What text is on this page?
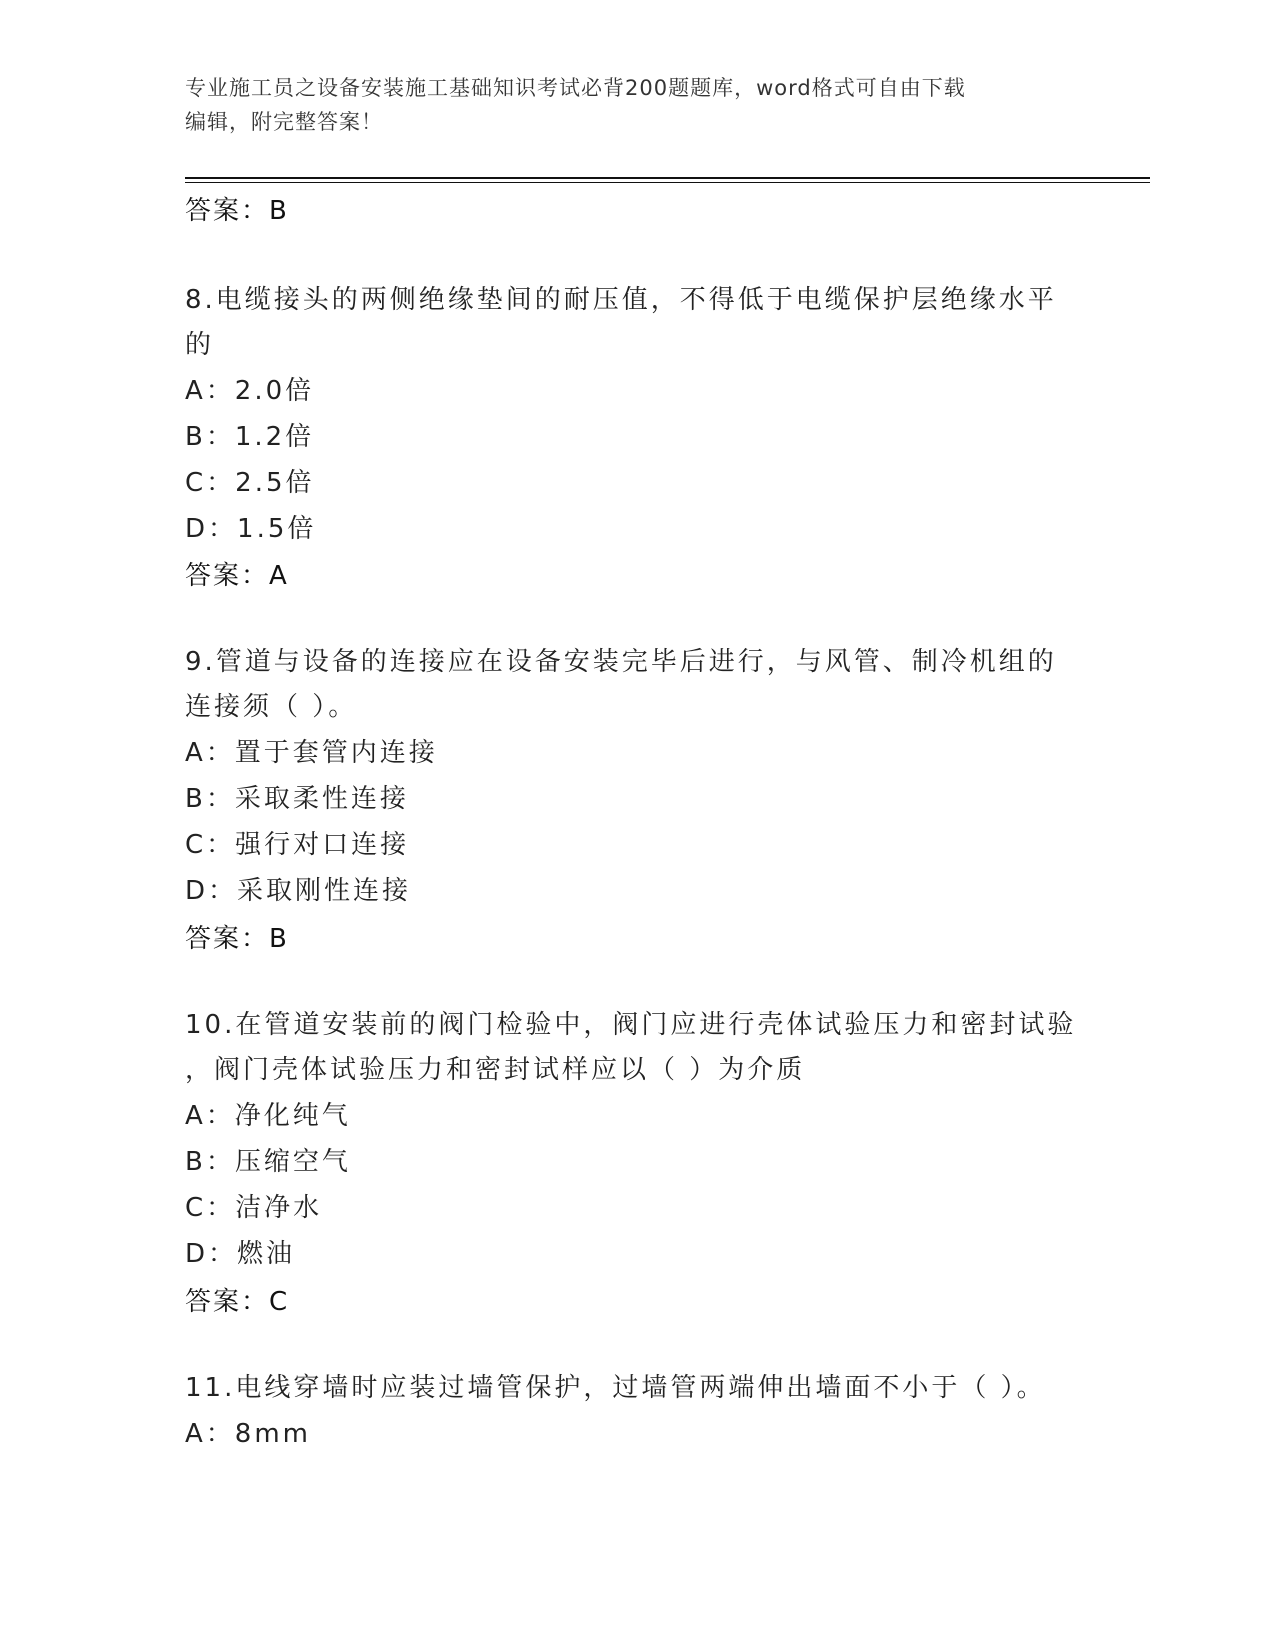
专业施工员之设备安装施工基础知识考试必背200题题库，word格式可自由下载
编辑，附完整答案！
答案：B

8.电缆接头的两侧绝缘垫间的耐压值，不得低于电缆保护层绝缘水平

的

A：2.0倍

B：1.2倍

C：2.5倍

D：1.5倍

答案：A

9.管道与设备的连接应在设备安装完毕后进行，与风管、制冷机组的

连接须（ ）。

A：置于套管内连接

B：采取柔性连接

C：强行对口连接

D：采取刚性连接

答案：B

10.在管道安装前的阀门检验中，阀门应进行壳体试验压力和密封试验

，阀门壳体试验压力和密封试样应以（ ）为介质

A：净化纯气

B：压缩空气

C：洁净水

D：燃油

答案：C

11.电线穿墙时应装过墙管保护，过墙管两端伸出墙面不小于（ ）。

A：8mm
